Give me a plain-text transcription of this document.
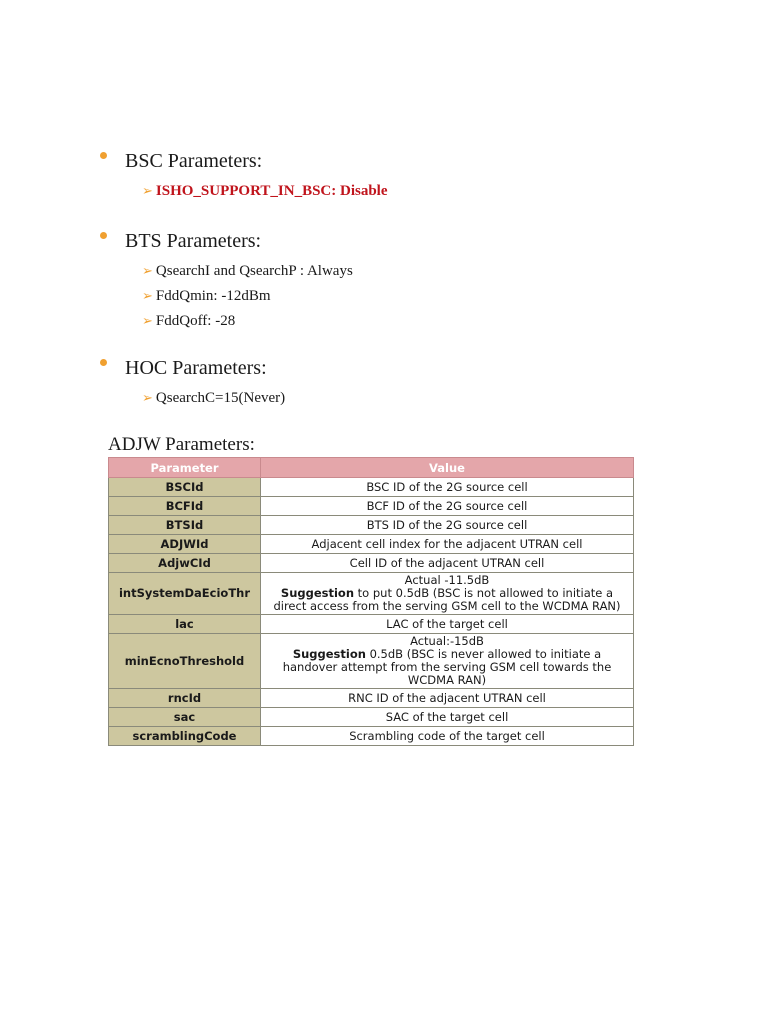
BSC Parameters:
➢ ISHO_SUPPORT_IN_BSC: Disable
BTS Parameters:
➢ QsearchI and QsearchP : Always
➢ FddQmin: -12dBm
➢ FddQoff: -28
HOC Parameters:
➢ QsearchC=15(Never)
ADJW Parameters:
Parameter	Value
BSCId	BSC ID of the 2G source cell
BCFId	BCF ID of the 2G source cell
BTSId	BTS ID of the 2G source cell
ADJWId	Adjacent cell index for the adjacent UTRAN cell
AdjwCId	Cell ID of the adjacent UTRAN cell
intSystemDaEcioThr	Actual -11.5dB
Suggestion to put 0.5dB (BSC is not allowed to initiate a
direct access from the serving GSM cell to the WCDMA RAN)

lac	LAC of the target cell
minEcnoThreshold	Actual:-15dB
Suggestion 0.5dB (BSC is never allowed to initiate a
handover attempt from the serving GSM cell towards the
WCDMA RAN)

rncId	RNC ID of the adjacent UTRAN cell
sac	SAC of the target cell
scramblingCode	Scrambling code of the target cell
